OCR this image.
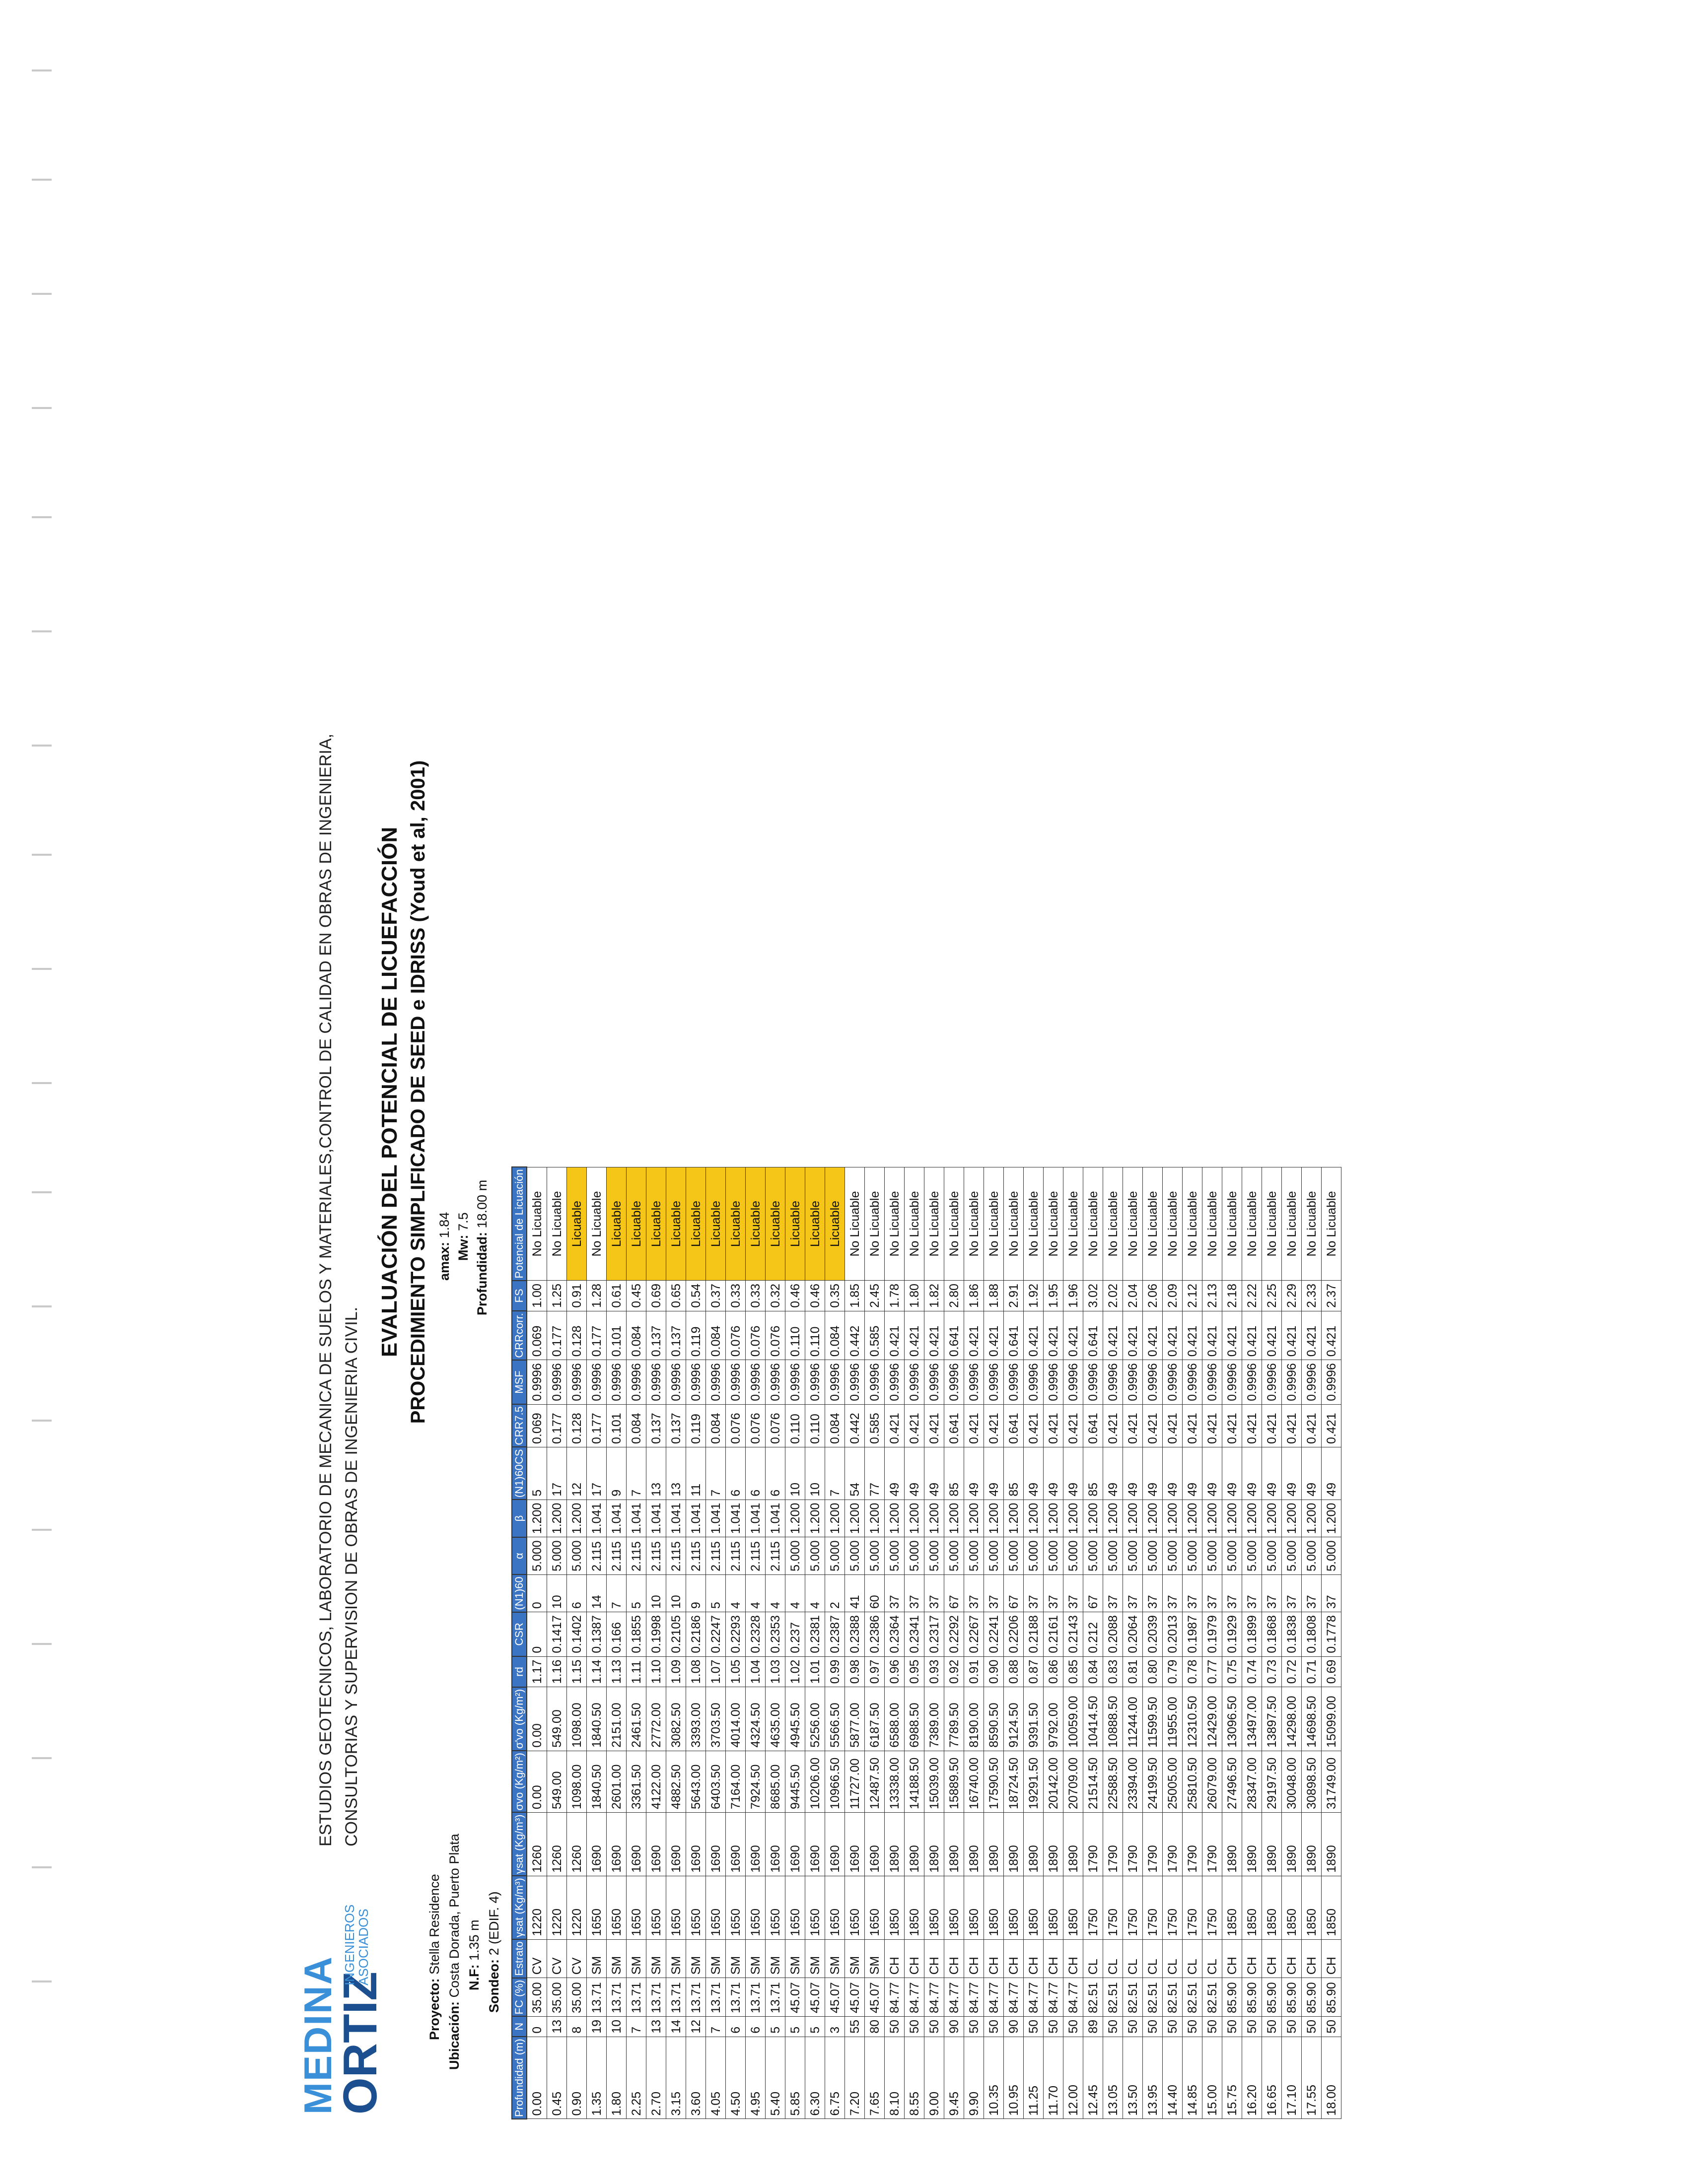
MEDINA
ORTIZ
INGENIEROS
ASOCIADOS
ESTUDIOS GEOTECNICOS, LABORATORIO DE MECANICA DE SUELOS Y MATERIALES,CONTROL DE CALIDAD EN OBRAS DE INGENIERIA, CONSULTORIAS Y SUPERVISION DE OBRAS DE INGENIERIA CIVIL.
EVALUACIÓN DEL POTENCIAL DE LICUEFACCIÓN PROCEDIMIENTO SIMPLIFICADO DE SEED e IDRISS (Youd et al, 2001)
Proyecto: Stella Residence
Ubicación: Costa Dorada, Puerto Plata N.F: 1.35 m
Sondeo: 2 (EDIF. 4)
amax: 1.84
Mw: 7.5
Profundidad: 18.00 m
Profundidad (m)	N	FC (%)	Estrato	γsat (Kg/m³)	γsat (Kg/m³)	σvo (Kg/m²)	σ'vo (Kg/m²)	rd	CSR	(N1)60	α	β	(N1)60CS	CRR7.5	MSF	CRRcorr.	FS	Potencial de Licuación
0.00	0	35.00	CV	1220	1260	0.00	0.00	1.17	0	0	5.000	1.200	5	0.069	0.9996	0.069	1.00	No Licuable
0.45	13	35.00	CV	1220	1260	549.00	549.00	1.16	0.1417	10	5.000	1.200	17	0.177	0.9996	0.177	1.25	No Licuable
0.90	8	35.00	CV	1220	1260	1098.00	1098.00	1.15	0.1402	6	5.000	1.200	12	0.128	0.9996	0.128	0.91	Licuable
1.35	19	13.71	SM	1650	1690	1840.50	1840.50	1.14	0.1387	14	2.115	1.041	17	0.177	0.9996	0.177	1.28	No Licuable
1.80	10	13.71	SM	1650	1690	2601.00	2151.00	1.13	0.166	7	2.115	1.041	9	0.101	0.9996	0.101	0.61	Licuable
2.25	7	13.71	SM	1650	1690	3361.50	2461.50	1.11	0.1855	5	2.115	1.041	7	0.084	0.9996	0.084	0.45	Licuable
2.70	13	13.71	SM	1650	1690	4122.00	2772.00	1.10	0.1998	10	2.115	1.041	13	0.137	0.9996	0.137	0.69	Licuable
3.15	14	13.71	SM	1650	1690	4882.50	3082.50	1.09	0.2105	10	2.115	1.041	13	0.137	0.9996	0.137	0.65	Licuable
3.60	12	13.71	SM	1650	1690	5643.00	3393.00	1.08	0.2186	9	2.115	1.041	11	0.119	0.9996	0.119	0.54	Licuable
4.05	7	13.71	SM	1650	1690	6403.50	3703.50	1.07	0.2247	5	2.115	1.041	7	0.084	0.9996	0.084	0.37	Licuable
4.50	6	13.71	SM	1650	1690	7164.00	4014.00	1.05	0.2293	4	2.115	1.041	6	0.076	0.9996	0.076	0.33	Licuable
4.95	6	13.71	SM	1650	1690	7924.50	4324.50	1.04	0.2328	4	2.115	1.041	6	0.076	0.9996	0.076	0.33	Licuable
5.40	5	13.71	SM	1650	1690	8685.00	4635.00	1.03	0.2353	4	2.115	1.041	6	0.076	0.9996	0.076	0.32	Licuable
5.85	5	45.07	SM	1650	1690	9445.50	4945.50	1.02	0.237	4	5.000	1.200	10	0.110	0.9996	0.110	0.46	Licuable
6.30	5	45.07	SM	1650	1690	10206.00	5256.00	1.01	0.2381	4	5.000	1.200	10	0.110	0.9996	0.110	0.46	Licuable
6.75	3	45.07	SM	1650	1690	10966.50	5566.50	0.99	0.2387	2	5.000	1.200	7	0.084	0.9996	0.084	0.35	Licuable
7.20	55	45.07	SM	1650	1690	11727.00	5877.00	0.98	0.2388	41	5.000	1.200	54	0.442	0.9996	0.442	1.85	No Licuable
7.65	80	45.07	SM	1650	1690	12487.50	6187.50	0.97	0.2386	60	5.000	1.200	77	0.585	0.9996	0.585	2.45	No Licuable
8.10	50	84.77	CH	1850	1890	13338.00	6588.00	0.96	0.2364	37	5.000	1.200	49	0.421	0.9996	0.421	1.78	No Licuable
8.55	50	84.77	CH	1850	1890	14188.50	6988.50	0.95	0.2341	37	5.000	1.200	49	0.421	0.9996	0.421	1.80	No Licuable
9.00	50	84.77	CH	1850	1890	15039.00	7389.00	0.93	0.2317	37	5.000	1.200	49	0.421	0.9996	0.421	1.82	No Licuable
9.45	90	84.77	CH	1850	1890	15889.50	7789.50	0.92	0.2292	67	5.000	1.200	85	0.641	0.9996	0.641	2.80	No Licuable
9.90	50	84.77	CH	1850	1890	16740.00	8190.00	0.91	0.2267	37	5.000	1.200	49	0.421	0.9996	0.421	1.86	No Licuable
10.35	50	84.77	CH	1850	1890	17590.50	8590.50	0.90	0.2241	37	5.000	1.200	49	0.421	0.9996	0.421	1.88	No Licuable
10.95	90	84.77	CH	1850	1890	18724.50	9124.50	0.88	0.2206	67	5.000	1.200	85	0.641	0.9996	0.641	2.91	No Licuable
11.25	50	84.77	CH	1850	1890	19291.50	9391.50	0.87	0.2188	37	5.000	1.200	49	0.421	0.9996	0.421	1.92	No Licuable
11.70	50	84.77	CH	1850	1890	20142.00	9792.00	0.86	0.2161	37	5.000	1.200	49	0.421	0.9996	0.421	1.95	No Licuable
12.00	50	84.77	CH	1850	1890	20709.00	10059.00	0.85	0.2143	37	5.000	1.200	49	0.421	0.9996	0.421	1.96	No Licuable
12.45	89	82.51	CL	1750	1790	21514.50	10414.50	0.84	0.212	67	5.000	1.200	85	0.641	0.9996	0.641	3.02	No Licuable
13.05	50	82.51	CL	1750	1790	22588.50	10888.50	0.83	0.2088	37	5.000	1.200	49	0.421	0.9996	0.421	2.02	No Licuable
13.50	50	82.51	CL	1750	1790	23394.00	11244.00	0.81	0.2064	37	5.000	1.200	49	0.421	0.9996	0.421	2.04	No Licuable
13.95	50	82.51	CL	1750	1790	24199.50	11599.50	0.80	0.2039	37	5.000	1.200	49	0.421	0.9996	0.421	2.06	No Licuable
14.40	50	82.51	CL	1750	1790	25005.00	11955.00	0.79	0.2013	37	5.000	1.200	49	0.421	0.9996	0.421	2.09	No Licuable
14.85	50	82.51	CL	1750	1790	25810.50	12310.50	0.78	0.1987	37	5.000	1.200	49	0.421	0.9996	0.421	2.12	No Licuable
15.00	50	82.51	CL	1750	1790	26079.00	12429.00	0.77	0.1979	37	5.000	1.200	49	0.421	0.9996	0.421	2.13	No Licuable
15.75	50	85.90	CH	1850	1890	27496.50	13096.50	0.75	0.1929	37	5.000	1.200	49	0.421	0.9996	0.421	2.18	No Licuable
16.20	50	85.90	CH	1850	1890	28347.00	13497.00	0.74	0.1899	37	5.000	1.200	49	0.421	0.9996	0.421	2.22	No Licuable
16.65	50	85.90	CH	1850	1890	29197.50	13897.50	0.73	0.1868	37	5.000	1.200	49	0.421	0.9996	0.421	2.25	No Licuable
17.10	50	85.90	CH	1850	1890	30048.00	14298.00	0.72	0.1838	37	5.000	1.200	49	0.421	0.9996	0.421	2.29	No Licuable
17.55	50	85.90	CH	1850	1890	30898.50	14698.50	0.71	0.1808	37	5.000	1.200	49	0.421	0.9996	0.421	2.33	No Licuable
18.00	50	85.90	CH	1850	1890	31749.00	15099.00	0.69	0.1778	37	5.000	1.200	49	0.421	0.9996	0.421	2.37	No Licuable
